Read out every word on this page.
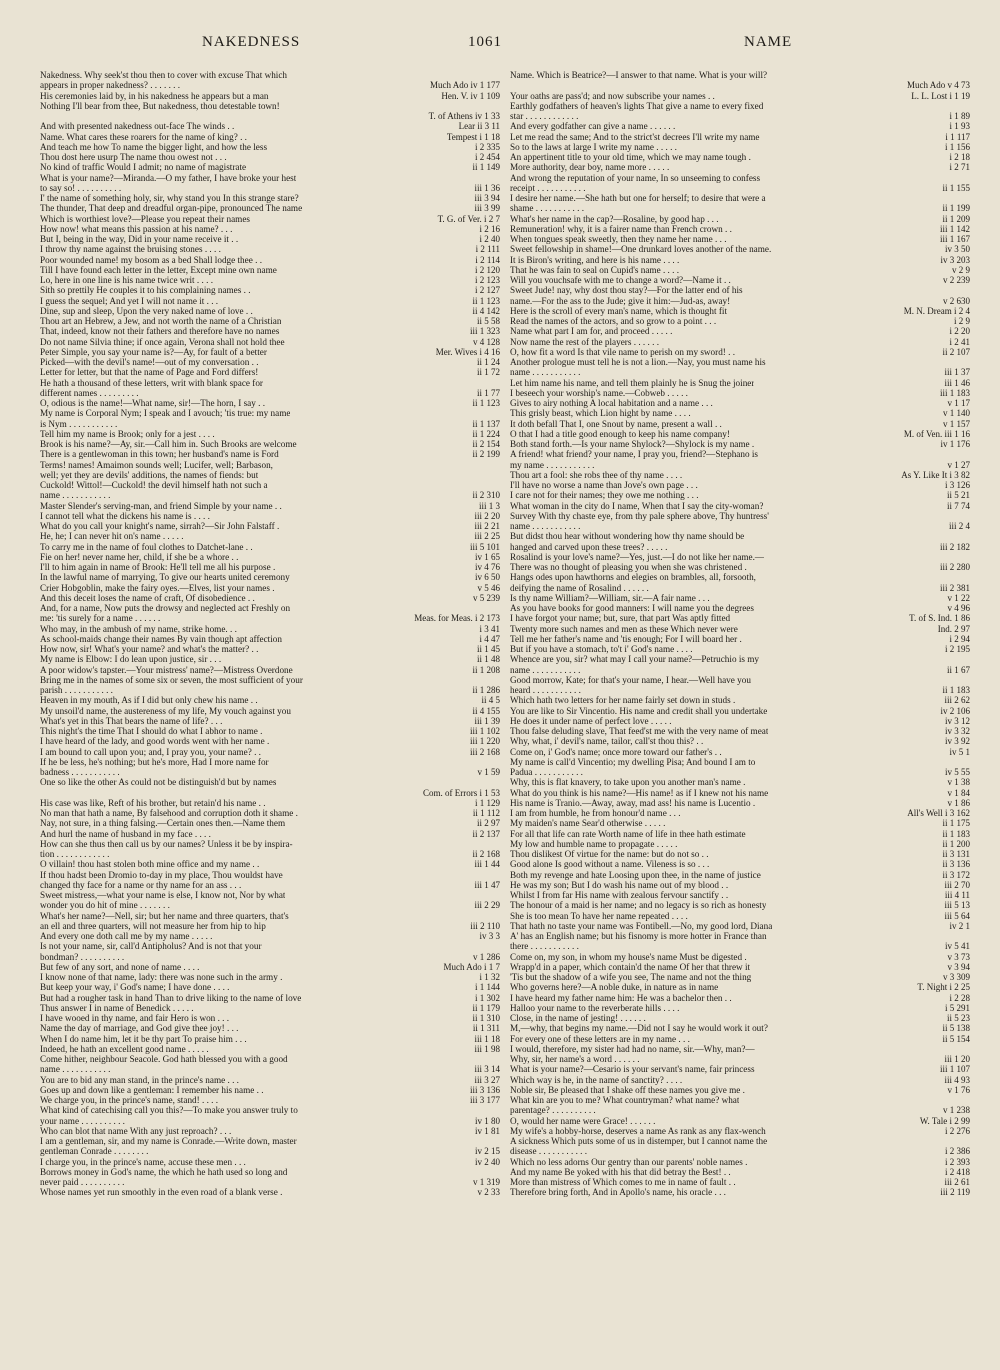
NAKEDNESS	1061	NAME
Nakedness. Why seek'st thou then to cover with excuse That which
appears in proper nakedness? . . . . . . .	Much Ado iv 1 177
His ceremonies laid by, in his nakedness he appears but a man	Hen. V. iv 1 109
Nothing I'll bear from thee, But nakedness, thou detestable town!
T. of Athens iv 1 33
And with presented nakedness out-face The winds . .	Lear ii 3 11
Name. What cares these roarers for the name of king? . .	Tempest i 1 18
And teach me how To name the bigger light, and how the less	i 2 335
Thou dost here usurp The name thou owest not . . .	i 2 454
No kind of traffic Would I admit; no name of magistrate	ii 1 149
What is your name?—Miranda.—O my father, I have broke your hest
to say so! . . . . . . . . . .	iii 1 36
I' the name of something holy, sir, why stand you In this strange stare?	iii 3 94
The thunder, That deep and dreadful organ-pipe, pronounced The name	iii 3 99
Which is worthiest love?—Please you repeat their names	T. G. of Ver. i 2 7
How now! what means this passion at his name? . . .	i 2 16
But I, being in the way, Did in your name receive it . .	i 2 40
I throw thy name against the bruising stones . . . .	i 2 111
Poor wounded name! my bosom as a bed Shall lodge thee . .	i 2 114
Till I have found each letter in the letter, Except mine own name	i 2 120
Lo, here in one line is his name twice writ . . . .	i 2 123
Sith so prettily He couples it to his complaining names . .	i 2 127
I guess the sequel; And yet I will not name it . . .	ii 1 123
Dine, sup and sleep, Upon the very naked name of love . .	ii 4 142
Thou art an Hebrew, a Jew, and not worth the name of a Christian	ii 5 58
That, indeed, know not their fathers and therefore have no names	iii 1 323
Do not name Silvia thine; if once again, Verona shall not hold thee	v 4 128
Peter Simple, you say your name is?—Ay, for fault of a better	Mer. Wives i 4 16
Picked—with the devil's name!—out of my conversation . .	ii 1 24
Letter for letter, but that the name of Page and Ford differs!	ii 1 72
He hath a thousand of these letters, writ with blank space for
different names . . . . . . . . .	ii 1 77
O, odious is the name!—What name, sir!—The horn, I say . .	ii 1 123
My name is Corporal Nym; I speak and I avouch; 'tis true: my name
is Nym . . . . . . . . . . .	ii 1 137
Tell him my name is Brook; only for a jest . . . .	ii 1 224
Brook is his name?—Ay, sir.—Call him in. Such Brooks are welcome	ii 2 154
There is a gentlewoman in this town; her husband's name is Ford	ii 2 199
Terms! names! Amaimon sounds well; Lucifer, well; Barbason,
well; yet they are devils' additions, the names of fiends: but
Cuckold! Wittol!—Cuckold! the devil himself hath not such a
name . . . . . . . . . . .	ii 2 310
Master Slender's serving-man, and friend Simple by your name . .	iii 1 3
I cannot tell what the dickens his name is . . . .	iii 2 20
What do you call your knight's name, sirrah?—Sir John Falstaff .	iii 2 21
He, he; I can never hit on's name . . . . .	iii 2 25
To carry me in the name of foul clothes to Datchet-lane . .	iii 5 101
Fie on her! never name her, child, if she be a whore . .	iv 1 65
I'll to him again in name of Brook: He'll tell me all his purpose .	iv 4 76
In the lawful name of marrying, To give our hearts united ceremony	iv 6 50
Crier Hobgoblin, make the fairy oyes.—Elves, list your names .	v 5 46
And this deceit loses the name of craft, Of disobedience . .	v 5 239
And, for a name, Now puts the drowsy and neglected act Freshly on
me: 'tis surely for a name . . . . . .	Meas. for Meas. i 2 173
Who may, in the ambush of my name, strike home. . .	i 3 41
As school-maids change their names By vain though apt affection	i 4 47
How now, sir! What's your name? and what's the matter? . .	ii 1 45
My name is Elbow: I do lean upon justice, sir . . .	ii 1 48
A poor widow's tapster.—Your mistress' name?—Mistress Overdone	ii 1 208
Bring me in the names of some six or seven, the most sufficient of your
parish . . . . . . . . . . .	ii 1 286
Heaven in my mouth, As if I did but only chew his name . .	ii 4 5
My unsoil'd name, the austereness of my life, My vouch against you	ii 4 155
What's yet in this That bears the name of life? . . .	iii 1 39
This night's the time That I should do what I abhor to name .	iii 1 102
I have heard of the lady, and good words went with her name .	iii 1 220
I am bound to call upon you; and, I pray you, your name? . .	iii 2 168
If he be less, he's nothing; but he's more, Had I more name for
badness . . . . . . . . . . .	v 1 59
One so like the other As could not be distinguish'd but by names
Com. of Errors i 1 53
His case was like, Reft of his brother, but retain'd his name . .	i 1 129
No man that hath a name, By falsehood and corruption doth it shame .	ii 1 112
Nay, not sure, in a thing falsing.—Certain ones then.—Name them	ii 2 97
And hurl the name of husband in my face . . . .	ii 2 137
How can she thus then call us by our names? Unless it be by inspira-
tion . . . . . . . . . . . .	ii 2 168
O villain! thou hast stolen both mine office and my name . .	iii 1 44
If thou hadst been Dromio to-day in my place, Thou wouldst have
changed thy face for a name or thy name for an ass . . .	iii 1 47
Sweet mistress,—what your name is else, I know not, Nor by what
wonder you do hit of mine . . . . . . .	iii 2 29
What's her name?—Nell, sir; but her name and three quarters, that's
an ell and three quarters, will not measure her from hip to hip	iii 2 110
And every one doth call me by my name . . . . .	iv 3 3
Is not your name, sir, call'd Antipholus? And is not that your
bondman? . . . . . . . . . .	v 1 286
But few of any sort, and none of name . . . .	Much Ado i 1 7
I know none of that name, lady: there was none such in the army .	i 1 32
But keep your way, i' God's name; I have done . . . .	i 1 144
But had a rougher task in hand Than to drive liking to the name of love	i 1 302
Thus answer I in name of Benedick . . . . .	ii 1 179
I have wooed in thy name, and fair Hero is won . . .	ii 1 310
Name the day of marriage, and God give thee joy! . . .	ii 1 311
When I do name him, let it be thy part To praise him . . .	iii 1 18
Indeed, he hath an excellent good name . . . . .	iii 1 98
Come hither, neighbour Seacole. God hath blessed you with a good
name . . . . . . . . . . .	iii 3 14
You are to bid any man stand, in the prince's name . . .	iii 3 27
Goes up and down like a gentleman: I remember his name . .	iii 3 136
We charge you, in the prince's name, stand! . . . .	iii 3 177
What kind of catechising call you this?—To make you answer truly to
your name . . . . . . . . . .	iv 1 80
Who can blot that name With any just reproach? . . .	iv 1 81
I am a gentleman, sir, and my name is Conrade.—Write down, master
gentleman Conrade . . . . . . . .	iv 2 15
I charge you, in the prince's name, accuse these men . . .	iv 2 40
Borrows money in God's name, the which he hath used so long and
never paid . . . . . . . . . .	v 1 319
Whose names yet run smoothly in the even road of a blank verse .	v 2 33
Name. Which is Beatrice?—I answer to that name. What is your will?
Much Ado v 4 73
Your oaths are pass'd; and now subscribe your names . .	L. L. Lost i 1 19
Earthly godfathers of heaven's lights That give a name to every fixed
star . . . . . . . . . . . .	i 1 89
And every godfather can give a name . . . . . .	i 1 93
Let me read the same; And to the strict'st decrees I'll write my name	i 1 117
So to the laws at large I write my name . . . . .	i 1 156
An appertinent title to your old time, which we may name tough .	i 2 18
More authority, dear boy, name more . . . . .	i 2 71
And wrong the reputation of your name, In so unseeming to confess
receipt . . . . . . . . . . .	ii 1 155
I desire her name.—She hath but one for herself; to desire that were a
shame . . . . . . . . . . .	ii 1 199
What's her name in the cap?—Rosaline, by good hap . . .	ii 1 209
Remuneration! why, it is a fairer name than French crown . .	iii 1 142
When tongues speak sweetly, then they name her name . . .	iii 1 167
Sweet fellowship in shame!—One drunkard loves another of the name.	iv 3 50
It is Biron's writing, and here is his name . . . .	iv 3 203
That he was fain to seal on Cupid's name . . . .	v 2 9
Will you vouchsafe with me to change a word?—Name it . .	v 2 239
Sweet Jude! nay, why dost thou stay?—For the latter end of his
name.—For the ass to the Jude; give it him:—Jud-as, away!	v 2 630
Here is the scroll of every man's name, which is thought fit	M. N. Dream i 2 4
Read the names of the actors, and so grow to a point . . .	i 2 9
Name what part I am for, and proceed . . . . .	i 2 20
Now name the rest of the players . . . . . .	i 2 41
O, how fit a word Is that vile name to perish on my sword! . .	ii 2 107
Another prologue must tell he is not a lion.—Nay, you must name his
name . . . . . . . . . . .	iii 1 37
Let him name his name, and tell them plainly he is Snug the joiner	iii 1 46
I beseech your worship's name.—Cobweb . . . . .	iii 1 183
Gives to airy nothing A local habitation and a name . . .	v 1 17
This grisly beast, which Lion hight by name . . . .	v 1 140
It doth befall That I, one Snout by name, present a wall . .	v 1 157
O that I had a title good enough to keep his name company!	M. of Ven. iii 1 16
Both stand forth.—Is your name Shylock?—Shylock is my name .	iv 1 176
A friend! what friend? your name, I pray you, friend?—Stephano is
my name . . . . . . . . . . .	v 1 27
Thou art a fool: she robs thee of thy name . . . .	As Y. Like It i 3 82
I'll have no worse a name than Jove's own page . . .	i 3 126
I care not for their names; they owe me nothing . . .	ii 5 21
What woman in the city do I name, When that I say the city-woman?	ii 7 74
Survey With thy chaste eye, from thy pale sphere above, Thy huntress'
name . . . . . . . . . . .	iii 2 4
But didst thou hear without wondering how thy name should be
hanged and carved upon these trees? . . . . .	iii 2 182
Rosalind is your love's name?—Yes, just.—I do not like her name.—
There was no thought of pleasing you when she was christened .	iii 2 280
Hangs odes upon hawthorns and elegies on brambles, all, forsooth,
deifying the name of Rosalind . . . . . .	iii 2 381
Is thy name William?—William, sir.—A fair name . . .	v 1 22
As you have books for good manners: I will name you the degrees	v 4 96
I have forgot your name; but, sure, that part Was aptly fitted	T. of S. Ind. 1 86
Twenty more such names and men as these Which never were	Ind. 2 97
Tell me her father's name and 'tis enough; For I will board her .	i 2 94
But if you have a stomach, to't i' God's name . . . .	i 2 195
Whence are you, sir? what may I call your name?—Petruchio is my
name . . . . . . . . . . .	ii 1 67
Good morrow, Kate; for that's your name, I hear.—Well have you
heard . . . . . . . . . . .	ii 1 183
Which hath two letters for her name fairly set down in studs .	iii 2 62
You are like to Sir Vincentio. His name and credit shall you undertake	iv 2 106
He does it under name of perfect love . . . . .	iv 3 12
Thou false deluding slave, That feed'st me with the very name of meat	iv 3 32
Why, what, i' devil's name, tailor, call'st thou this? . .	iv 3 92
Come on, i' God's name; once more toward our father's . .	iv 5 1
My name is call'd Vincentio; my dwelling Pisa; And bound I am to
Padua . . . . . . . . . . .	iv 5 55
Why, this is flat knavery, to take upon you another man's name .	v 1 38
What do you think is his name?—His name! as if I knew not his name	v 1 84
His name is Tranio.—Away, away, mad ass! his name is Lucentio .	v 1 86
I am from humble, he from honour'd name . . .	All's Well i 3 162
My maiden's name Sear'd otherwise . . . . .	ii 1 175
For all that life can rate Worth name of life in thee hath estimate	ii 1 183
My low and humble name to propagate . . . . .	ii 1 200
Thou dislikest Of virtue for the name: but do not so . .	ii 3 131
Good alone Is good without a name. Vileness is so . . .	ii 3 136
Both my revenge and hate Loosing upon thee, in the name of justice	ii 3 172
He was my son; But I do wash his name out of my blood . .	iii 2 70
Whilst I from far His name with zealous fervour sanctify . .	iii 4 11
The honour of a maid is her name; and no legacy is so rich as honesty	iii 5 13
She is too mean To have her name repeated . . . .	iii 5 64
That hath no taste your name was Fontibell.—No, my good lord, Diana	iv 2 1
A' has an English name; but his fisnomy is more hotter in France than
there . . . . . . . . . . .	iv 5 41
Come on, my son, in whom my house's name Must be digested .	v 3 73
Wrapp'd in a paper, which contain'd the name Of her that threw it	v 3 94
'Tis but the shadow of a wife you see, The name and not the thing	v 3 309
Who governs here?—A noble duke, in nature as in name	T. Night i 2 25
I have heard my father name him: He was a bachelor then . .	i 2 28
Halloo your name to the reverberate hills . . . .	i 5 291
Close, in the name of jesting! . . . . . .	ii 5 23
M,—why, that begins my name.—Did not I say he would work it out?	ii 5 138
For every one of these letters are in my name . . .	ii 5 154
I would, therefore, my sister had had no name, sir.—Why, man?—
Why, sir, her name's a word . . . . . .	iii 1 20
What is your name?—Cesario is your servant's name, fair princess	iii 1 107
Which way is he, in the name of sanctity? . . . .	iii 4 93
Noble sir, Be pleased that I shake off these names you give me .	v 1 76
What kin are you to me? What countryman? what name? what
parentage? . . . . . . . . . .	v 1 238
O, would her name were Grace! . . . . . .	W. Tale i 2 99
My wife's a hobby-horse, deserves a name As rank as any flax-wench	i 2 276
A sickness Which puts some of us in distemper, but I cannot name the
disease . . . . . . . . . . .	i 2 386
Which no less adorns Our gentry than our parents' noble names .	i 2 393
And my name Be yoked with his that did betray the Best! . .	i 2 418
More than mistress of Which comes to me in name of fault . .	iii 2 61
Therefore bring forth, And in Apollo's name, his oracle . . .	iii 2 119
